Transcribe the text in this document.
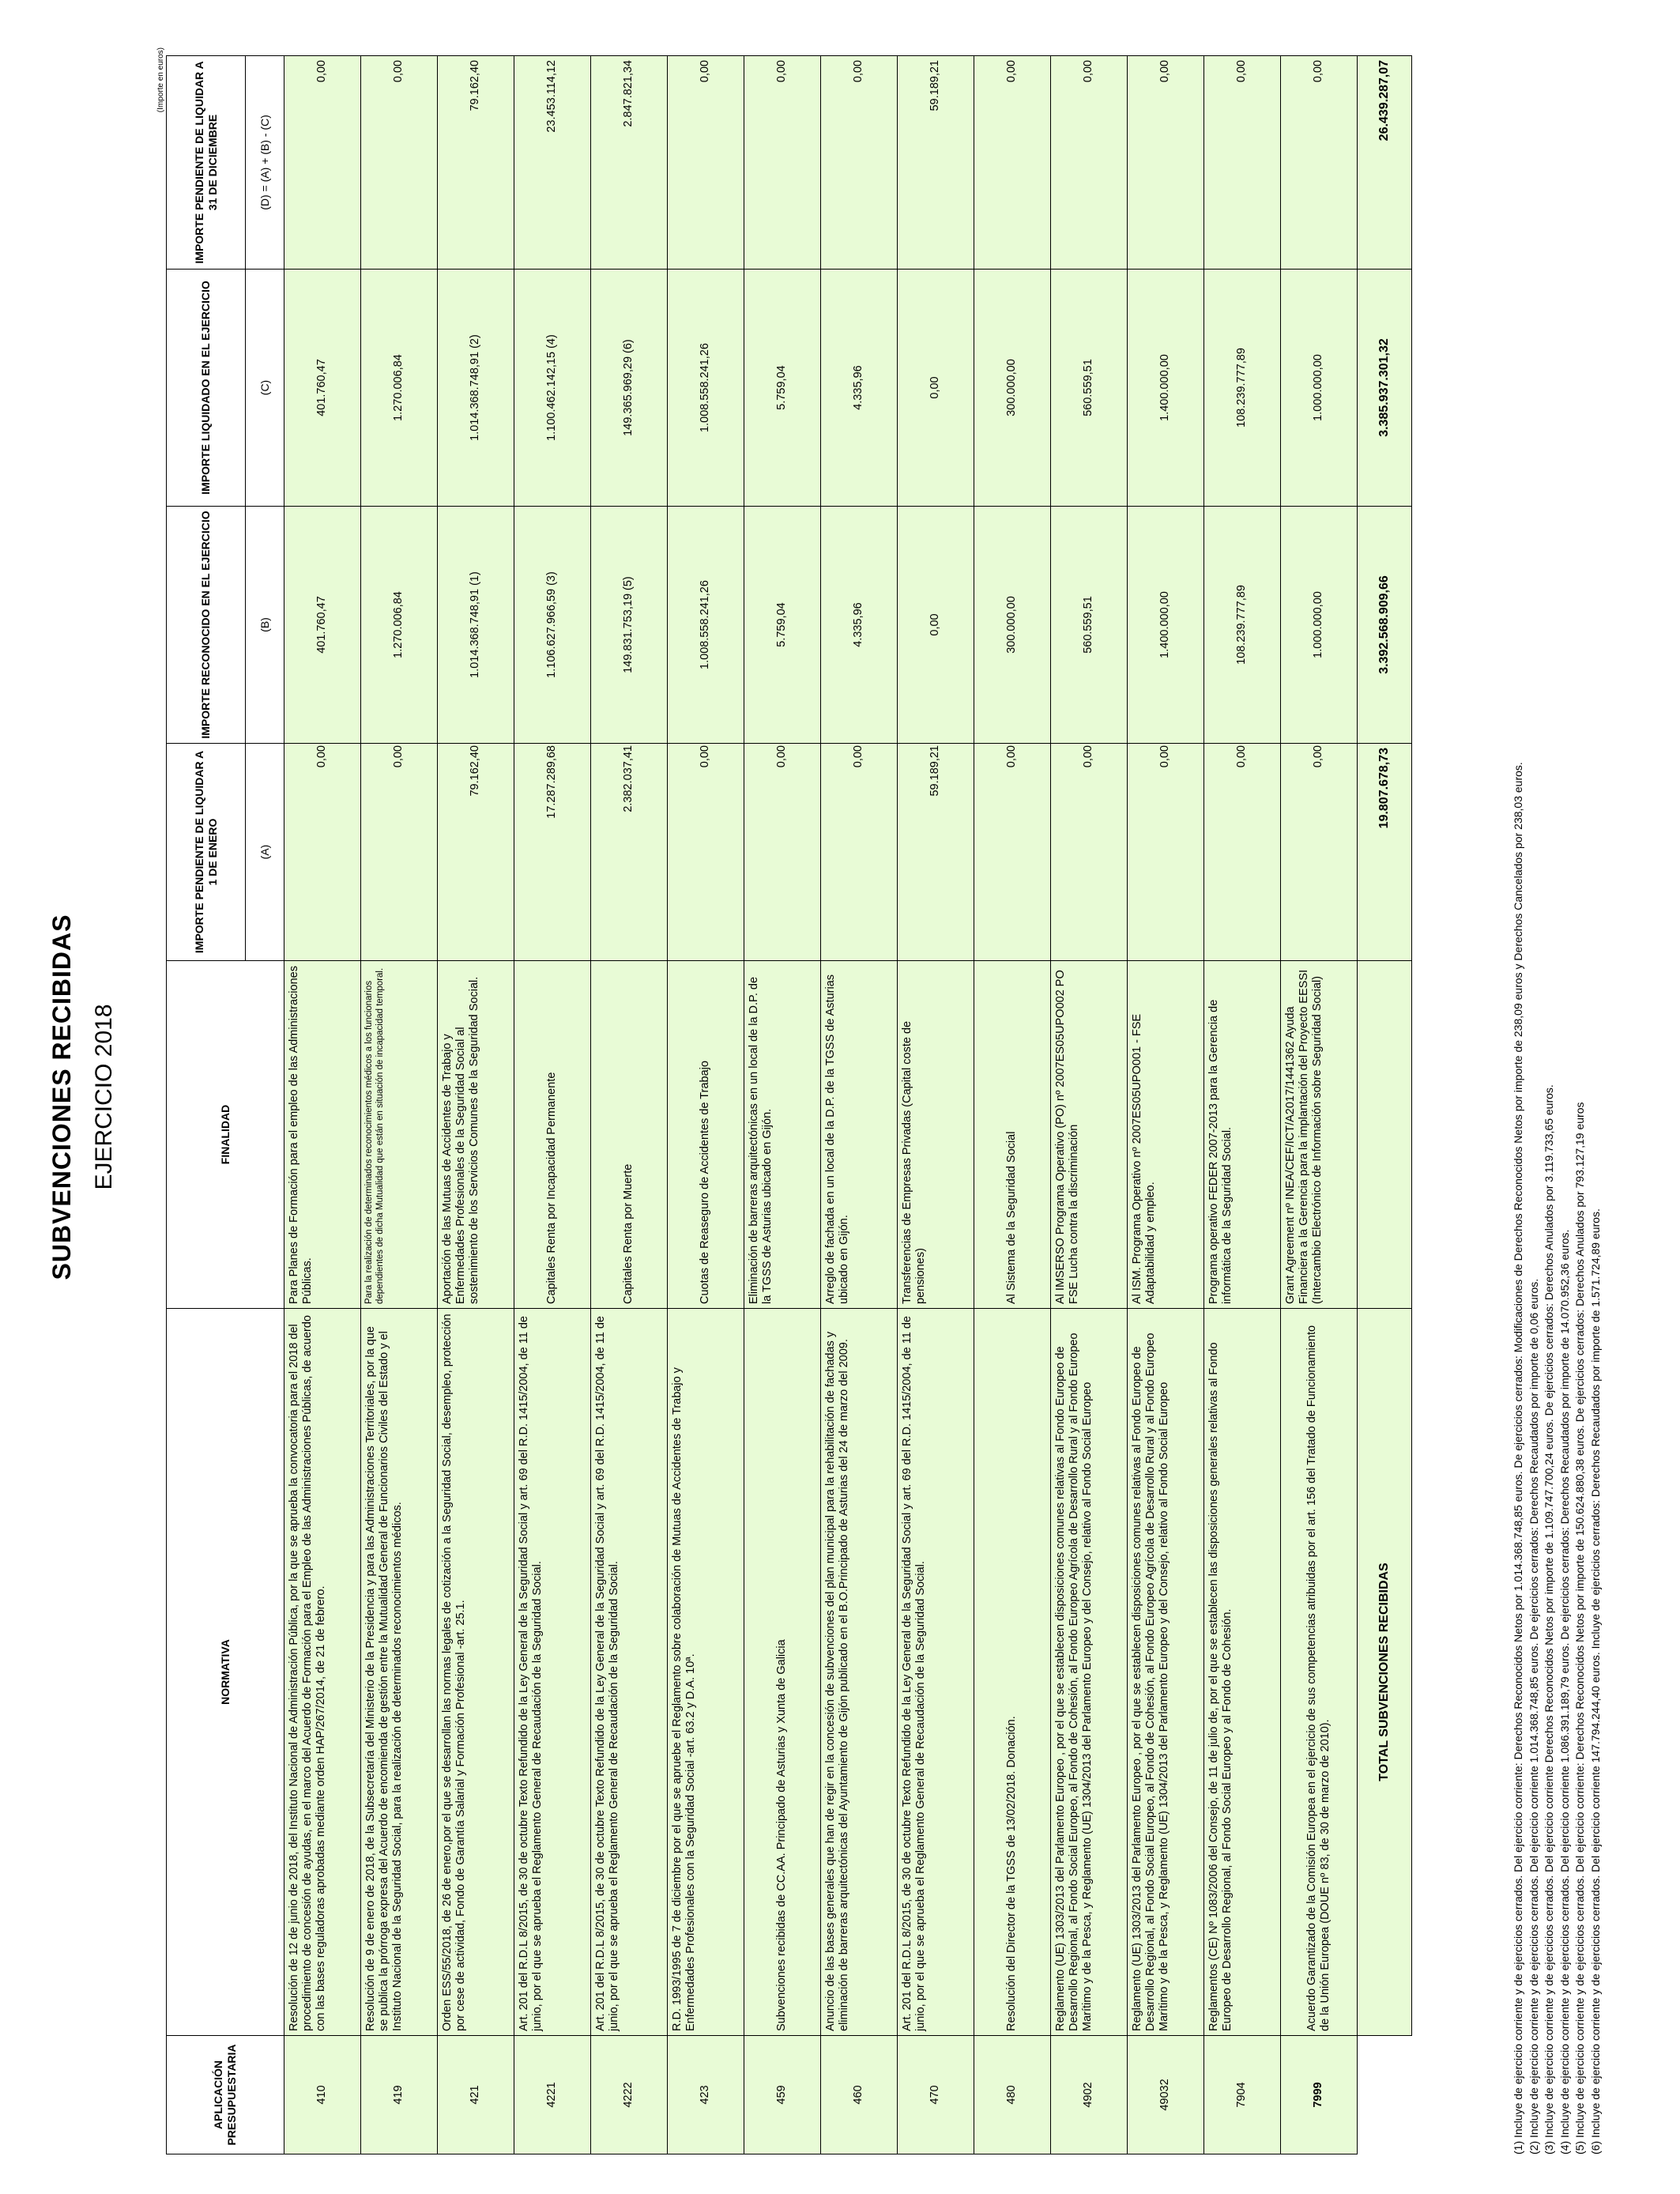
SUBVENCIONES RECIBIDAS EJERCICIO 2018
(Importe en euros)
APLICACIÓN PRESUPUESTARIA	NORMATIVA	FINALIDAD	IMPORTE PENDIENTE DE LIQUIDAR A 1 DE ENERO	IMPORTE RECONOCIDO EN EL EJERCICIO	IMPORTE LIQUIDADO EN EL EJERCICIO	IMPORTE PENDIENTE DE LIQUIDAR A 31 DE DICIEMBRE
			(A)	(B)	(C)	(D) = (A) + (B) - (C)
410	Resolución de 12 de junio de 2018, del Instituto Nacional de Administración Pública, por la que se aprueba la convocatoria para el 2018 del procedimiento de concesión de ayudas, en el marco del Acuerdo de Formación para el Empleo de las Administraciones Públicas, de acuerdo con las bases reguladoras aprobadas mediante orden HAP/267/2014, de 21 de febrero.	Para Planes de Formación para el empleo de las Administraciones Públicas.	0,00	401.760,47	401.760,47	0,00
419	Resolución de 9 de enero de 2018, de la Subsecretaría del Ministerio de la Presidencia y para las Administraciones Territoriales, por la que se publica la prórroga expresa del Acuerdo de encomienda de gestión entre la Mutualidad General de Funcionarios Civiles del Estado y el Instituto Nacional de la Seguridad Social, para la realización de determinados reconocimientos médicos.	Para la realización de determinados reconocimientos médicos a los funcionarios dependientes de dicha Mutualidad que están en situación de incapacidad temporal.	0,00	1.270.006,84	1.270.006,84	0,00
421	Orden ESS/55/2018, de 26 de enero,por el que se desarrollan las normas legales de cotización a la Seguridad Social, desempleo, protección por cese de actividad, Fondo de Garantía Salarial y Formación Profesional -art. 25.1.	Aportación de las Mutuas de Accidentes de Trabajo y Enfermedades Profesionales de la Seguridad Social al sostenimiento de los Servicios Comunes de la Seguridad Social.	79.162,40	1.014.368.748,91 (1)	1.014.368.748,91 (2)	79.162,40
4221	Art. 201 del R.D.L 8/2015, de 30 de octubre Texto Refundido de la Ley General de la Seguridad Social y art. 69 del R.D. 1415/2004, de 11 de junio, por el que se aprueba el Reglamento General de Recaudación de la Seguridad Social.	Capitales Renta por Incapacidad Permanente	17.287.289,68	1.106.627.966,59 (3)	1.100.462.142,15 (4)	23.453.114,12
4222	Art. 201 del R.D.L 8/2015, de 30 de octubre Texto Refundido de la Ley General de la Seguridad Social y art. 69 del R.D. 1415/2004, de 11 de junio, por el que se aprueba el Reglamento General de Recaudación de la Seguridad Social.	Capitales Renta por Muerte	2.382.037,41	149.831.753,19 (5)	149.365.969,29 (6)	2.847.821,34
423	R.D. 1993/1995 de 7 de diciembre por el que se apruebe el Reglamento sobre colaboración de Mutuas de Accidentes de Trabajo y Enfermedades Profesionales con la Seguridad Social -art. 63.2 y D.A. 10ª.	Cuotas de Reaseguro de Accidentes de Trabajo	0,00	1.008.558.241,26	1.008.558.241,26	0,00
459	Subvenciones recibidas de CC.AA. Principado de Asturias y Xunta de Galicia	Eliminación de barreras arquitectónicas en un local de la D.P. de la TGSS de Asturias ubicado en Gijón.	0,00	5.759,04	5.759,04	0,00
460	Anuncio de las bases generales que han de regir en la concesión de subvenciones del plan municipal para la rehabilitación de fachadas y eliminación de barreras arquitectónicas del Ayuntamiento de Gijón publicado en el B.O.Principado de Asturias del 24 de marzo del 2009.	Arreglo de fachada en un local de la D.P. de la TGSS de Asturias ubicado en Gijón.	0,00	4.335,96	4.335,96	0,00
470	Art. 201 del R.D.L 8/2015, de 30 de octubre Texto Refundido de la Ley General de la Seguridad Social y art. 69 del R.D. 1415/2004, de 11 de junio, por el que se aprueba el Reglamento General de Recaudación de la Seguridad Social.	Transferencias de Empresas Privadas (Capital coste de pensiones)	59.189,21	0,00	0,00	59.189,21
480	Resolución del Director de la TGSS de 13/02/2018. Donación.	Al Sistema de la Seguridad Social	0,00	300.000,00	300.000,00	0,00
4902	Reglamento (UE) 1303/2013 del Parlamento Europeo , por el que se establecen disposiciones comunes relativas al Fondo Europeo de Desarrollo Regional, al Fondo Social Europeo, al Fondo de Cohesión, al Fondo Europeo Agrícola de Desarrollo Rural y al Fondo Europeo Marítimo y de la Pesca, y Reglamento (UE) 1304/2013 del Parlamento Europeo y del Consejo, relativo al Fondo Social Europeo	Al IMSERSO Programa Operativo (PO) nº 2007ES05UPO002 PO FSE Lucha contra la discriminación	0,00	560.559,51	560.559,51	0,00
49032	Reglamento (UE) 1303/2013 del Parlamento Europeo , por el que se establecen disposiciones comunes relativas al Fondo Europeo de Desarrollo Regional, al Fondo Social Europeo, al Fondo de Cohesión, al Fondo Europeo Agrícola de Desarrollo Rural y al Fondo Europeo Marítimo y de la Pesca, y Reglamento (UE) 1304/2013 del Parlamento Europeo y del Consejo, relativo al Fondo Social Europeo	Al ISM. Programa Operativo nº 2007ES05UPO001 - FSE Adaptabilidad y empleo.	0,00	1.400.000,00	1.400.000,00	0,00
7904	Reglamentos (CE) Nº 1083/2006 del Consejo, de 11 de julio de, por el que se establecen las disposiciones generales relativas al Fondo Europeo de Desarrollo Regional, al Fondo Social Europeo y al Fondo de Cohesión.	Programa operativo FEDER 2007-2013 para la Gerencia de informática de la Seguridad Social.	0,00	108.239.777,89	108.239.777,89	0,00
7999	Acuerdo Garantizado de la Comisión Europea en el ejercicio de sus competencias atribuidas por el art. 156 del Tratado de Funcionamiento de la Unión Europea (DOUE nº 83, de 30 de marzo de 2010).	Grant Agreement nº INEA/CEF/ICT/A2017/1441362 Ayuda Financiera a la Gerencia para la implantación del Proyecto EESSI (Intercambio Electrónico de Información sobre Seguridad Social)	0,00	1.000.000,00	1.000.000,00	0,00
	TOTAL SUBVENCIONES RECIBIDAS		19.807.678,73	3.392.568.909,66	3.385.937.301,32	26.439.287,07
(1) Incluye de ejercicio corriente y de ejercicios cerrados. Del ejercicio corriente: Derechos Reconocidos Netos por 1.014.368.748,85 euros. De ejercicios cerrados: Modificaciones de Derechos Reconocidos Netos por importe de 238,09 euros y Derechos Cancelados por 238,03 euros. (2) Incluye de ejercicio corriente y de ejercicios cerrados. Del ejercicio corriente 1.014.368.748,85 euros. De ejercicios cerrados: Derechos Recaudados por importe de 0,06 euros. (3) Incluye de ejercicio corriente y de ejercicios cerrados. Del ejercicio corriente Derechos Reconocidos Netos por importe de 1.109.747.700,24 euros. De ejercicios cerrados: Derechos Anulados por 3.119.733,65 euros. (4) Incluye de ejercicio corriente y de ejercicios cerrados. Del ejercicio corriente 1.086.391.189,79 euros. De ejercicios cerrados: Derechos Recaudados por importe de 14.070.952,36 euros. (5) Incluye de ejercicio corriente y de ejercicios cerrados. Del ejercicio corriente: Derechos Reconocidos Netos por importe de 150.624.880,38 euros. De ejercicios cerrados: Derechos Anulados por 793.127,19 euros (6) Incluye de ejercicio corriente y de ejercicios cerrados. Del ejercicio corriente 147.794.244,40 euros. Incluye de ejercicios cerrados: Derechos Recaudados por importe de 1.571.724,89 euros.
